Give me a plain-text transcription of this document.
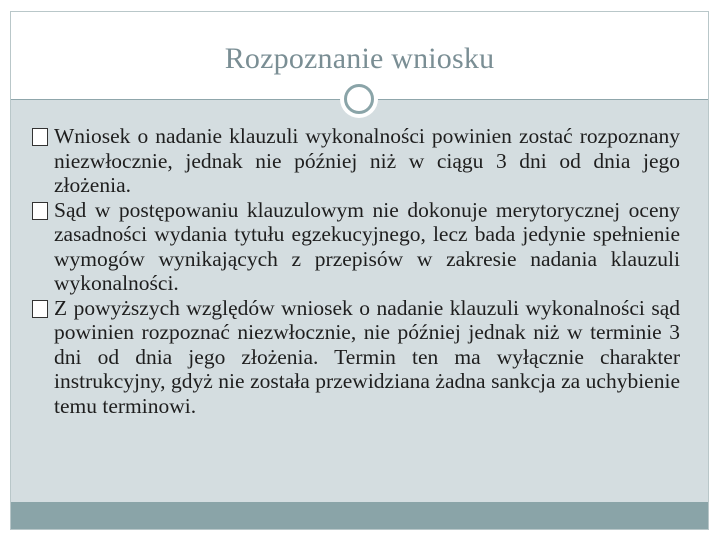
Rozpoznanie wniosku
Wniosek o nadanie klauzuli wykonalności powinien zostać rozpoznany niezwłocznie, jednak nie później niż w ciągu 3 dni od dnia jego złożenia.
Sąd w postępowaniu klauzulowym nie dokonuje merytorycznej oceny zasadności wydania tytułu egzekucyjnego, lecz bada jedynie spełnienie wymogów wynikających z przepisów w zakresie nadania klauzuli wykonalności.
Z powyższych względów wniosek o nadanie klauzuli wykonalności sąd powinien rozpoznać niezwłocznie, nie później jednak niż w terminie 3 dni od dnia jego złożenia. Termin ten ma wyłącznie charakter instrukcyjny, gdyż nie została przewidziana żadna sankcja za uchybienie temu terminowi.
